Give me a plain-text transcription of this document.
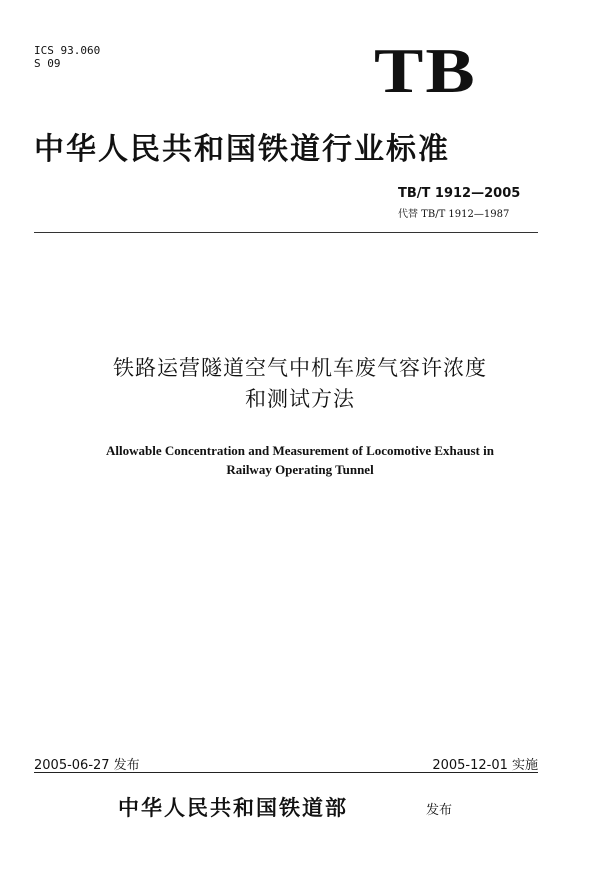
ICS 93.060
S 09	TB
中华人民共和国铁道行业标准
TB/T 1912—2005
代替 TB/T 1912—1987
铁路运营隧道空气中机车废气容许浓度
和测试方法
Allowable Concentration and Measurement of Locomotive Exhaust in
Railway Operating Tunnel
2005-06-27 发布	2005-12-01 实施
中华人民共和国铁道部	发布
